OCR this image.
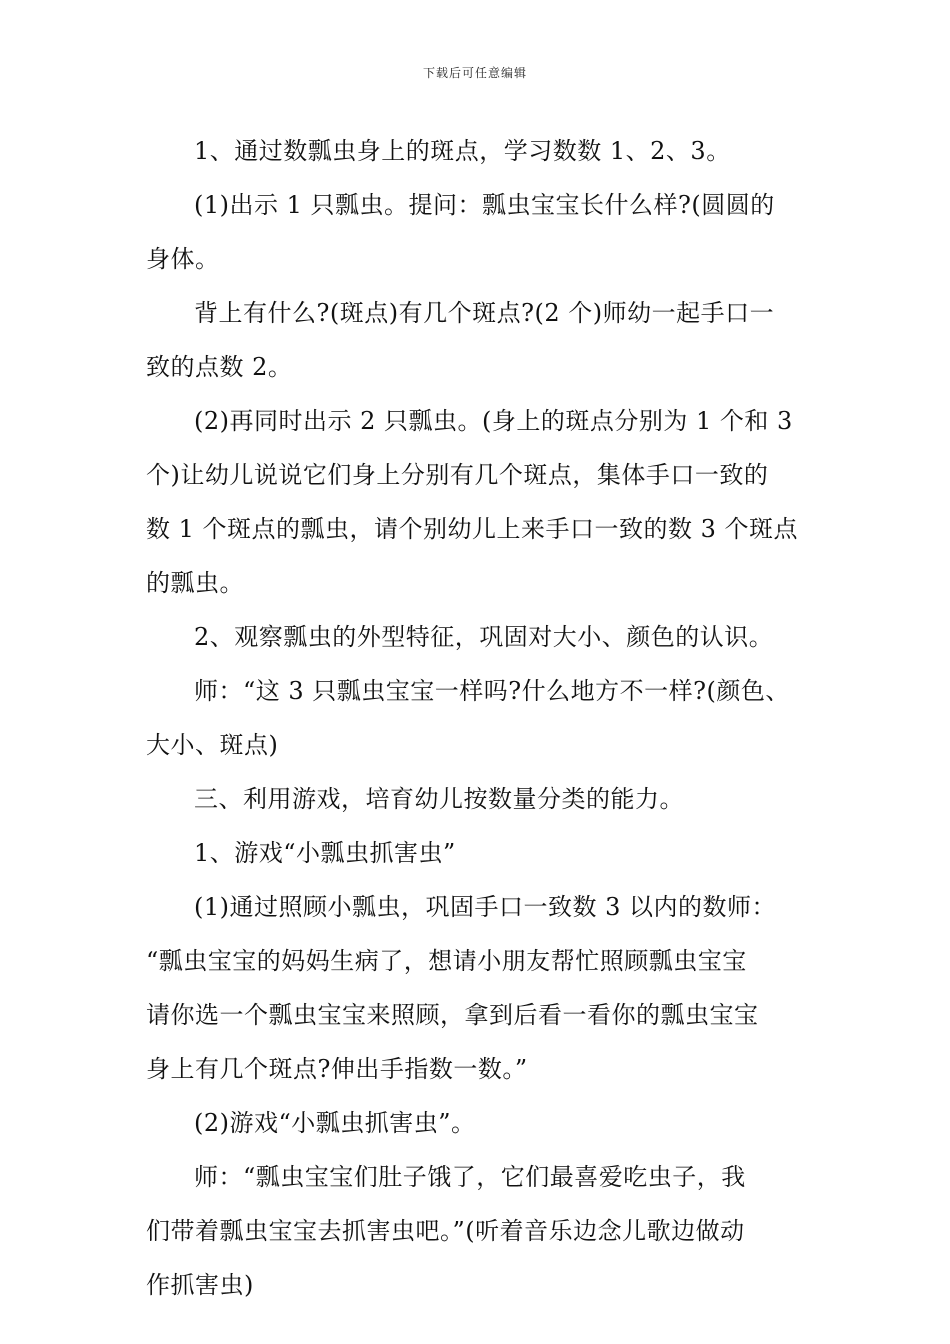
下载后可任意编辑
1、通过数瓢虫身上的斑点，学习数数 1、2、3。
(1)出示 1 只瓢虫。提问：瓢虫宝宝长什么样?(圆圆的
身体。
背上有什么?(斑点)有几个斑点?(2 个)师幼一起手口一
致的点数 2。
(2)再同时出示 2 只瓢虫。(身上的斑点分别为 1 个和 3
个)让幼儿说说它们身上分别有几个斑点，集体手口一致的
数 1 个斑点的瓢虫，请个别幼儿上来手口一致的数 3 个斑点
的瓢虫。
2、观察瓢虫的外型特征，巩固对大小、颜色的认识。
师：“这 3 只瓢虫宝宝一样吗?什么地方不一样?(颜色、
大小、斑点)
三、利用游戏，培育幼儿按数量分类的能力。
1、游戏“小瓢虫抓害虫”
(1)通过照顾小瓢虫，巩固手口一致数 3 以内的数师：
“瓢虫宝宝的妈妈生病了，想请小朋友帮忙照顾瓢虫宝宝
请你选一个瓢虫宝宝来照顾，拿到后看一看你的瓢虫宝宝
身上有几个斑点?伸出手指数一数。”
(2)游戏“小瓢虫抓害虫”。
师：“瓢虫宝宝们肚子饿了，它们最喜爱吃虫子，我
们带着瓢虫宝宝去抓害虫吧。”(听着音乐边念儿歌边做动
作抓害虫)
